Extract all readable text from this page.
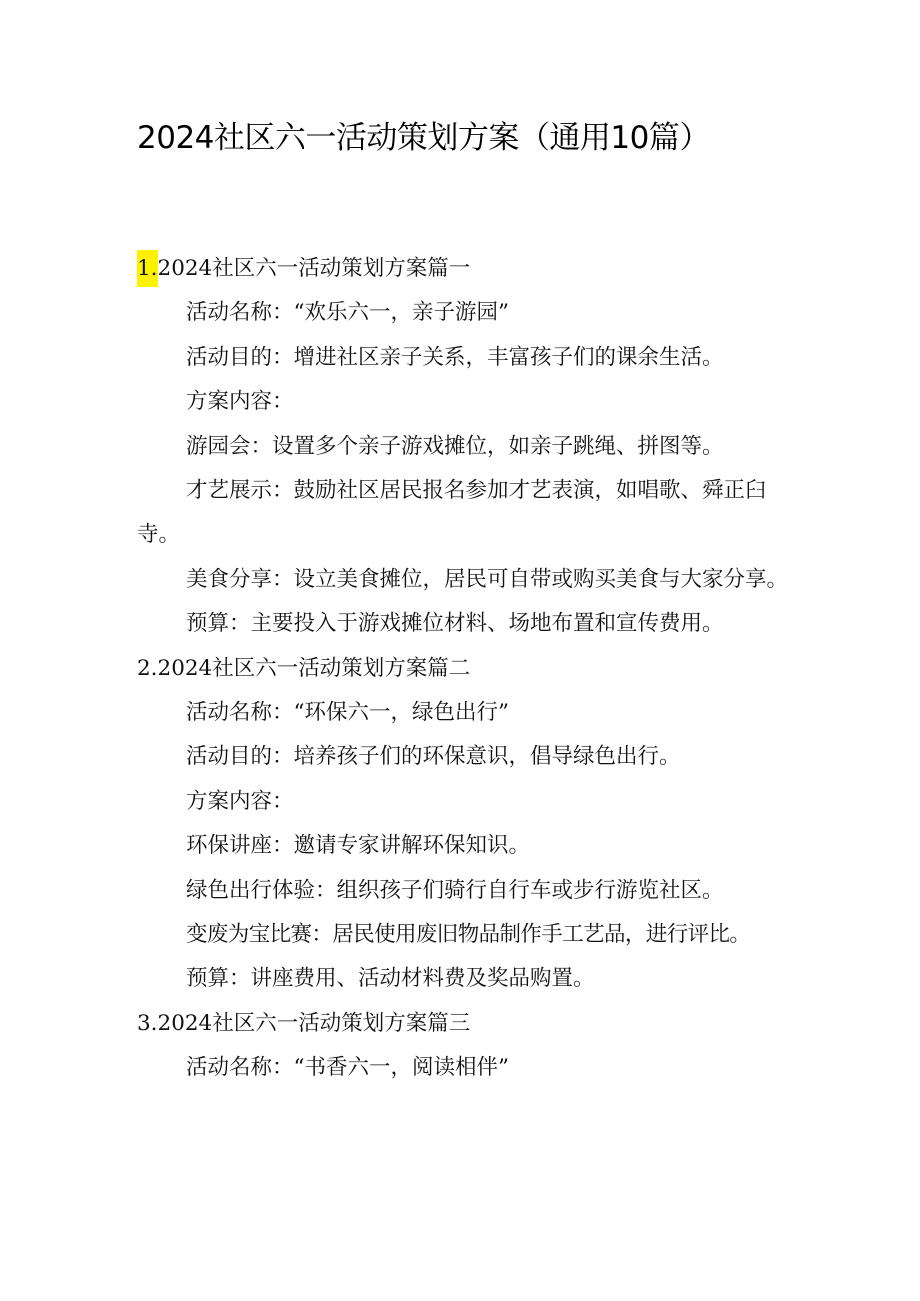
2024社区六一活动策划方案（通用10篇）
1.2024社区六一活动策划方案篇一
活动名称：“欢乐六一，亲子游园”
活动目的：增进社区亲子关系，丰富孩子们的课余生活。
方案内容：
游园会：设置多个亲子游戏摊位，如亲子跳绳、拼图等。
才艺展示：鼓励社区居民报名参加才艺表演，如唱歌、舜正臼寺。
美食分享：设立美食摊位，居民可自带或购买美食与大家分享。
预算：主要投入于游戏摊位材料、场地布置和宣传费用。
2.2024社区六一活动策划方案篇二
活动名称：“环保六一，绿色出行”
活动目的：培养孩子们的环保意识，倡导绿色出行。
方案内容：
环保讲座：邀请专家讲解环保知识。
绿色出行体验：组织孩子们骑行自行车或步行游览社区。
变废为宝比赛：居民使用废旧物品制作手工艺品，进行评比。
预算：讲座费用、活动材料费及奖品购置。
3.2024社区六一活动策划方案篇三
活动名称：“书香六一，阅读相伴”
